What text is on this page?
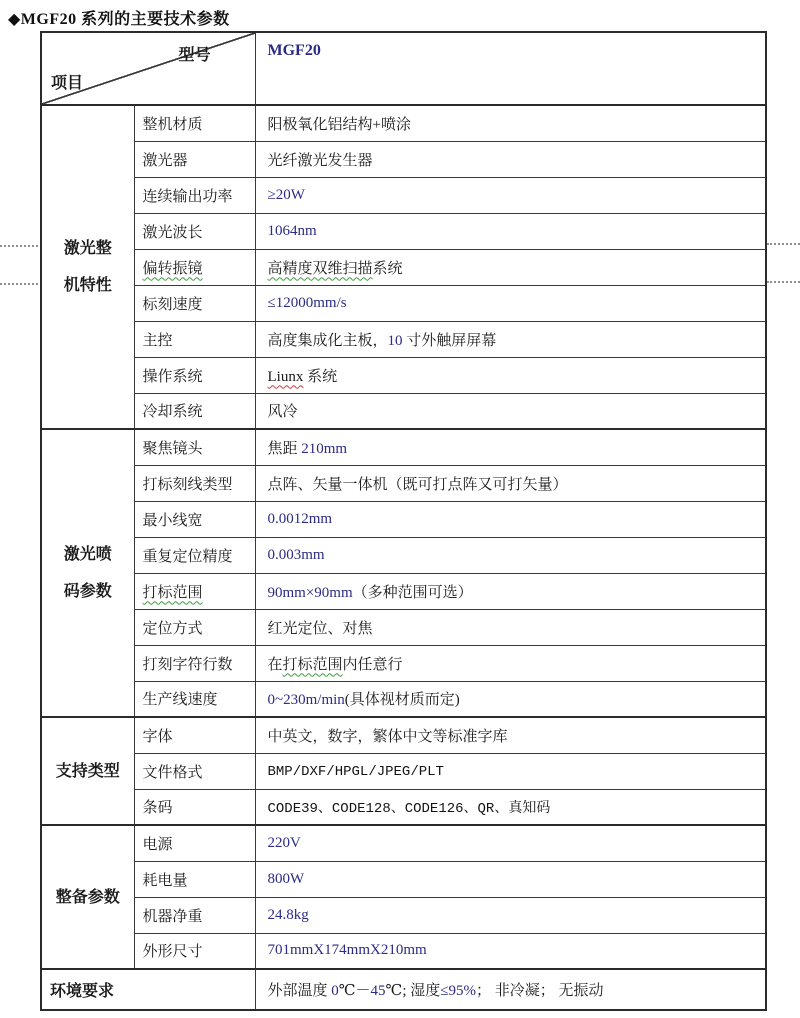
◆MGF20 系列的主要技术参数
型号
项目		MGF20
激光整
机特性	整机材质	阳极氧化铝结构+喷涂
	激光器	光纤激光发生器
	连续输出功率	≥20W
	激光波长	1064nm
	偏转振镜	高精度双维扫描系统
	标刻速度	≤12000mm/s
	主控	高度集成化主板，10 寸外触屏屏幕
	操作系统	Liunx 系统
	冷却系统	风冷
激光喷
码参数	聚焦镜头	焦距 210mm
	打标刻线类型	点阵、矢量一体机（既可打点阵又可打矢量）
	最小线宽	0.0012mm
	重复定位精度	0.003mm
	打标范围	90mm×90mm（多种范围可选）
	定位方式	红光定位、对焦
	打刻字符行数	在打标范围内任意行
	生产线速度	0~230m/min(具体视材质而定)
支持类型	字体	中英文，数字，繁体中文等标准字库
	文件格式	BMP/DXF/HPGL/JPEG/PLT
	条码	CODE39、CODE128、CODE126、QR、真知码
整备参数	电源	220V
	耗电量	800W
	机器净重	24.8kg
	外形尺寸	701mmX174mmX210mm
环境要求		外部温度 0℃－45℃; 湿度≤95%； 非冷凝； 无振动
